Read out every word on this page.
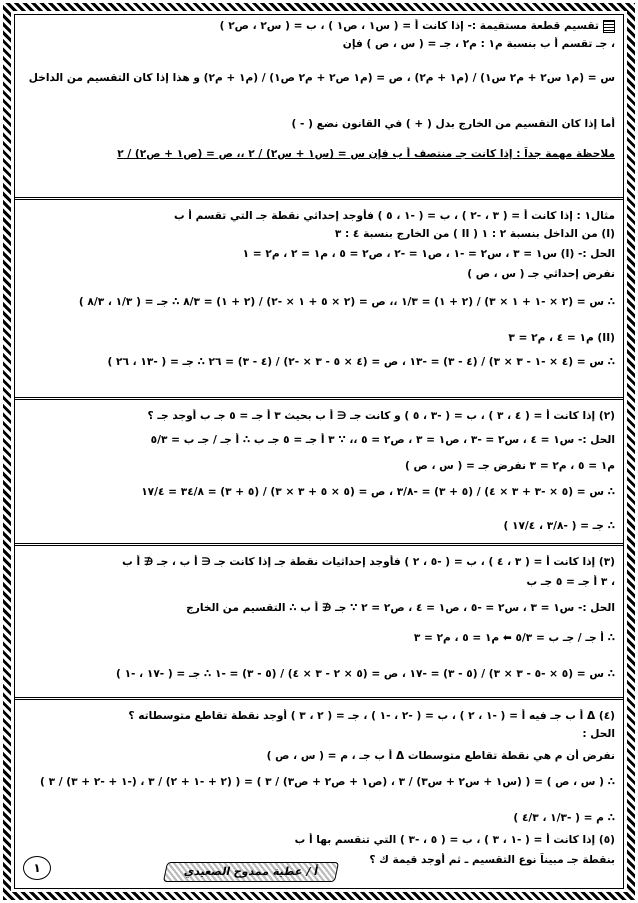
تقسيم قطعة مستقيمة :- إذا كانت أ = ( س١ ، ص١ ) ، ب = ( س٢ ، ص٢ )
، جـ تقسم أ ب بنسبة م١ : م٢ ، جـ = ( س ، ص ) فإن
س = (م١ س٢ + م٢ س١) / (م١ + م٢) ، ص = (م١ ص٢ + م٢ ص١) / (م١ + م٢) و هذا إذا كان التقسيم من الداخل
أما إذا كان التقسيم من الخارج بدل ( + ) في القانون نضع ( - )
ملاحظة مهمة جداً : إذا كانت جـ منتصف أ ب فإن س = (س١ + س٢) / ٢ ،، ص = (ص١ + ص٢) / ٢
مثال١ : إذا كانت أ = ( ٣ ، -٢ ) ، ب = ( -١ ، ٥ ) فأوجد إحداثي نقطة جـ التي تقسم أ ب
(I) من الداخل بنسبة ٢ : ١ ( II ) من الخارج بنسبة ٤ : ٣
الحل :- (I) س١ = ٣ ، س٢ = -١ ، ص١ = -٢ ، ص٢ = ٥ ، م١ = ٢ ، م٢ = ١
نفرض إحداثي جـ ( س ، ص )
∴ س = (٢ × -١ + ١ × ٣) / (٢ + ١) = ١/٣ ،، ص = (٢ × ٥ + ١ × -٢) / (٢ + ١) = ٨/٣ ∴ جـ = ( ١/٣ ، ٨/٣ )
(II) م١ = ٤ ، م٢ = ٣
∴ س = (٤ × -١ - ٣ × ٣) / (٤ - ٣) = -١٣ ، ص = (٤ × ٥ - ٣ × -٢) / (٤ - ٣) = ٢٦ ∴ جـ = ( -١٣ ، ٢٦ )
(٢) إذا كانت أ = ( ٤ ، ٣ ) ، ب = ( -٣ ، ٥ ) و كانت جـ ∈ أ ب بحيث ٣ أ جـ = ٥ جـ ب أوجد جـ ؟
الحل :- س١ = ٤ ، س٢ = -٣ ، ص١ = ٣ ، ص٢ = ٥ ،، ∵ ٣ أ جـ = ٥ جـ ب ∴ أ جـ / جـ ب = ٥/٣
م١ = ٥ ، م٢ = ٣ نفرض جـ = ( س ، ص )
∴ س = (٥ × -٣ + ٣ × ٤) / (٥ + ٣) = -٣/٨ ، ص = (٥ × ٥ + ٣ × ٣) / (٥ + ٣) = ٣٤/٨ = ١٧/٤
∴ جـ = ( -٣/٨ ، ١٧/٤ )
(٣) إذا كانت أ = ( ٣ ، ٤ ) ، ب = ( -٥ ، ٢ ) فأوجد إحداثيات نقطة جـ إذا كانت جـ ∈ أ ب ، جـ ∉ أ ب
، ٣ أ جـ = ٥ جـ ب
الحل :- س١ = ٣ ، س٢ = -٥ ، ص١ = ٤ ، ص٢ = ٢ ∵ جـ ∉ أ ب ∴ التقسيم من الخارج
∴ أ جـ / جـ ب = ٥/٣ ⬅ م١ = ٥ ، م٢ = ٣
∴ س = (٥ × -٥ - ٣ × ٣) / (٥ - ٣) = -١٧ ، ص = (٥ × ٢ - ٣ × ٤) / (٥ - ٣) = -١ ∴ جـ = ( -١٧ ، -١ )
(٤) Δ أ ب جـ فيه أ = ( -١ ، ٢ ) ، ب = ( -٢ ، -١ ) ، جـ = ( ٢ ، ٣ ) أوجد نقطة تقاطع متوسطاته ؟
الحل :
نفرض أن م هي نقطة تقاطع متوسطات Δ أ ب جـ ، م = ( س ، ص )
∴ ( س ، ص ) = ( (س١ + س٢ + س٣) / ٣ ، (ص١ + ص٢ + ص٣) / ٣ ) = ( (٢ + -١ + ٢) / ٣ ، (-١ + -٢ + ٣) / ٣ )
∴ م = ( -١/٣ ، ٤/٣ )
(٥) إذا كانت أ = ( -١ ، ٣ ) ، ب = ( ٥ ، -٣ ) التي تنقسم بها أ ب
بنقطة جـ مبيناً نوع التقسيم ـ ثم أوجد قيمة ك ؟
أ / عطية ممدوح الصعيدي
١
